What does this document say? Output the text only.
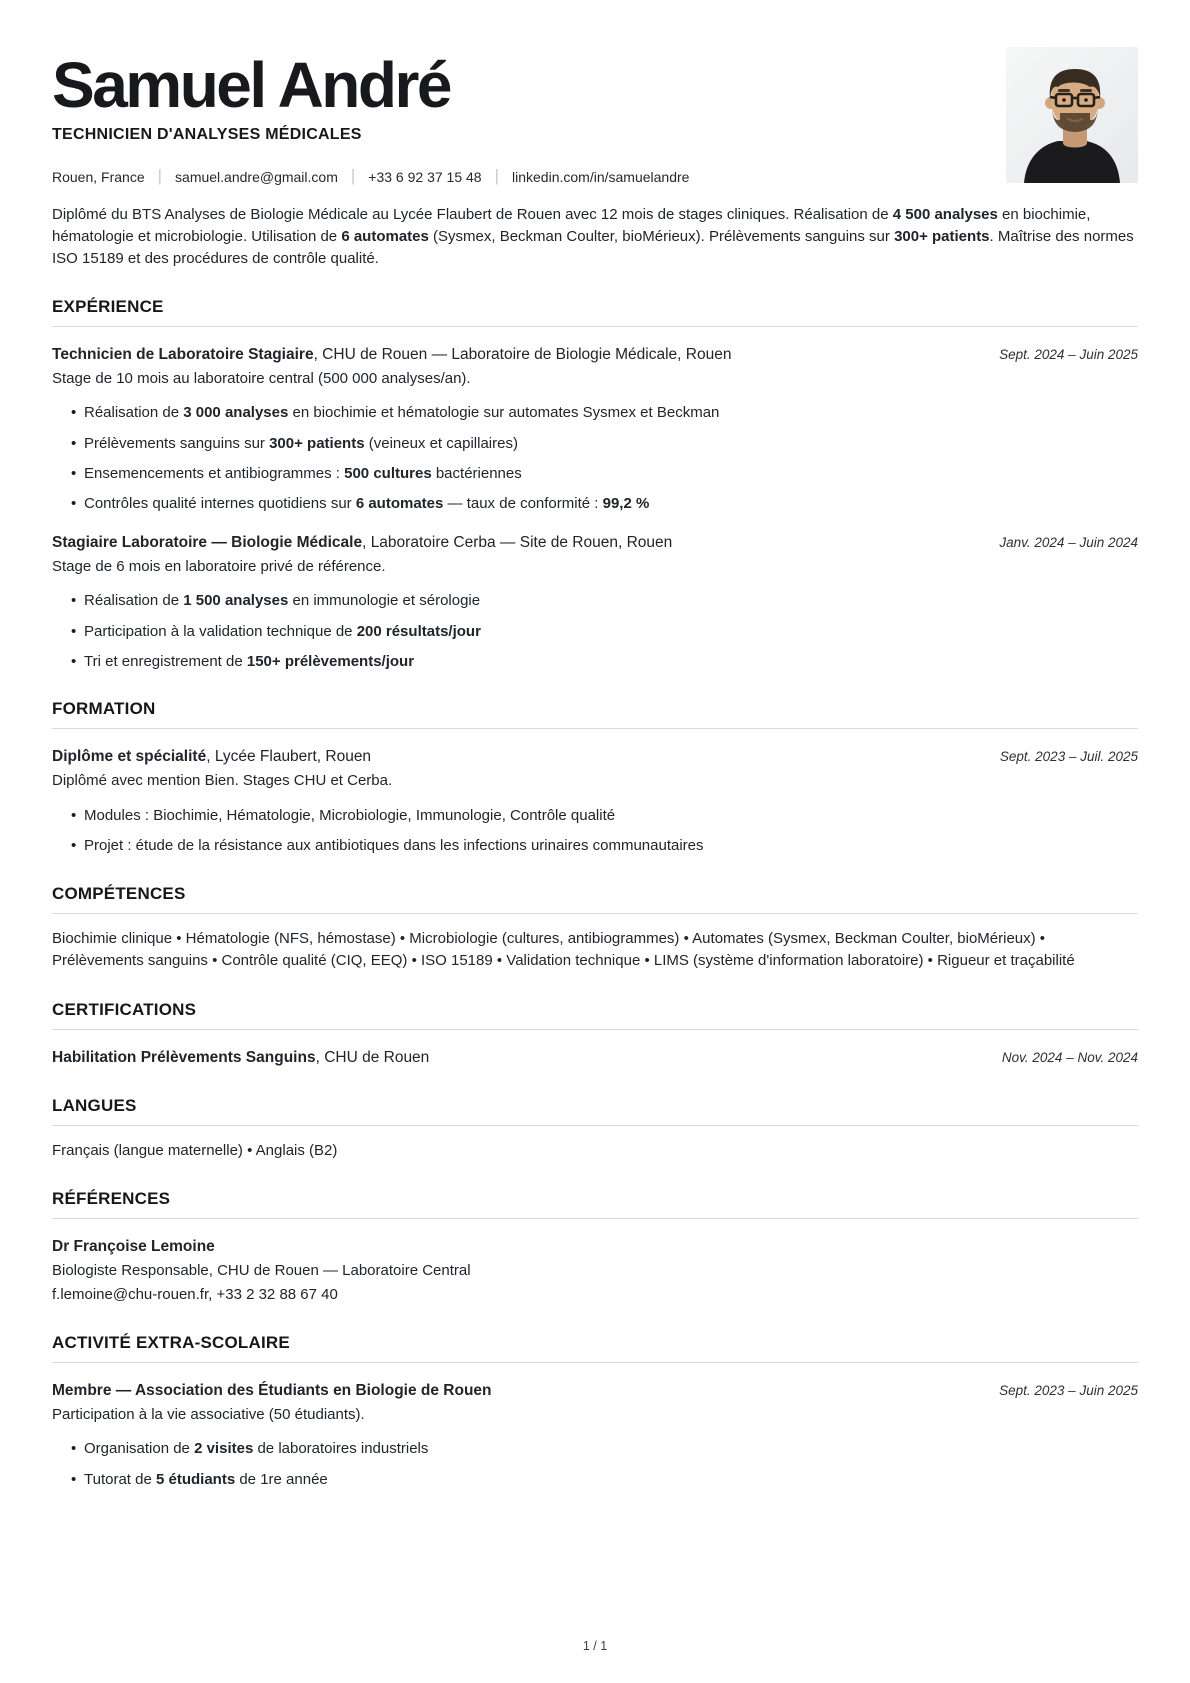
Samuel André
TECHNICIEN D'ANALYSES MÉDICALES
Rouen, France | samuel.andre@gmail.com | +33 6 92 37 15 48 | linkedin.com/in/samuelandre

Diplômé du BTS Analyses de Biologie Médicale au Lycée Flaubert de Rouen avec 12 mois de stages cliniques. Réalisation de 4 500 analyses en biochimie, hématologie et microbiologie. Utilisation de 6 automates (Sysmex, Beckman Coulter, bioMérieux). Prélèvements sanguins sur 300+ patients. Maîtrise des normes ISO 15189 et des procédures de contrôle qualité.

EXPÉRIENCE
Technicien de Laboratoire Stagiaire, CHU de Rouen — Laboratoire de Biologie Médicale, Rouen	Sept. 2024 – Juin 2025
Stage de 10 mois au laboratoire central (500 000 analyses/an).
• Réalisation de 3 000 analyses en biochimie et hématologie sur automates Sysmex et Beckman
• Prélèvements sanguins sur 300+ patients (veineux et capillaires)
• Ensemencements et antibiogrammes : 500 cultures bactériennes
• Contrôles qualité internes quotidiens sur 6 automates — taux de conformité : 99,2 %
Stagiaire Laboratoire — Biologie Médicale, Laboratoire Cerba — Site de Rouen, Rouen	Janv. 2024 – Juin 2024
Stage de 6 mois en laboratoire privé de référence.
• Réalisation de 1 500 analyses en immunologie et sérologie
• Participation à la validation technique de 200 résultats/jour
• Tri et enregistrement de 150+ prélèvements/jour
FORMATION
Diplôme et spécialité, Lycée Flaubert, Rouen	Sept. 2023 – Juil. 2025
Diplômé avec mention Bien. Stages CHU et Cerba.
• Modules : Biochimie, Hématologie, Microbiologie, Immunologie, Contrôle qualité
• Projet : étude de la résistance aux antibiotiques dans les infections urinaires communautaires
COMPÉTENCES

Biochimie clinique • Hématologie (NFS, hémostase) • Microbiologie (cultures, antibiogrammes) • Automates (Sysmex, Beckman Coulter, bioMérieux) • Prélèvements sanguins • Contrôle qualité (CIQ, EEQ) • ISO 15189 • Validation technique • LIMS (système d'information laboratoire) • Rigueur et traçabilité

CERTIFICATIONS
Habilitation Prélèvements Sanguins, CHU de Rouen	Nov. 2024 – Nov. 2024
LANGUES

Français (langue maternelle) • Anglais (B2)

RÉFÉRENCES
Dr Françoise Lemoine
Biologiste Responsable, CHU de Rouen — Laboratoire Central
f.lemoine@chu-rouen.fr, +33 2 32 88 67 40
ACTIVITÉ EXTRA-SCOLAIRE
Membre — Association des Étudiants en Biologie de Rouen	Sept. 2023 – Juin 2025
Participation à la vie associative (50 étudiants).
• Organisation de 2 visites de laboratoires industriels
• Tutorat de 5 étudiants de 1re année
1 / 1
